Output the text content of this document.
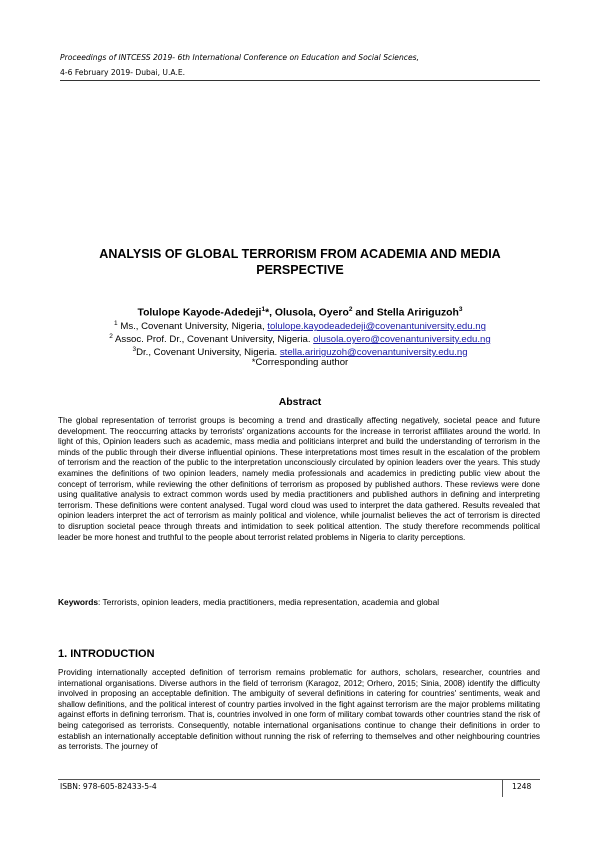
Proceedings of INTCESS 2019- 6th International Conference on Education and Social Sciences,
4-6 February 2019- Dubai, U.A.E.
ANALYSIS OF GLOBAL TERRORISM FROM ACADEMIA AND MEDIA
PERSPECTIVE
Tolulope Kayode-Adedeji$^1$*, Olusola, Oyero$^2$ and Stella Aririguzoh$^3$
$^1$ Ms., Covenant University, Nigeria, tolulope.kayodeadedeji@covenantuniversity.edu.ng
$^2$ Assoc. Prof. Dr., Covenant University, Nigeria. olusola.oyero@covenantuniversity.edu.ng
$^3$Dr., Covenant University, Nigeria. stella.aririguzoh@covenantuniversity.edu.ng
*Corresponding author
Abstract

The global representation of terrorist groups is becoming a trend and drastically affecting negatively, societal peace and future development. The reoccurring attacks by terrorists' organizations accounts for the increase in terrorist affiliates around the world. In light of this, Opinion leaders such as academic, mass media and politicians interpret and build the understanding of terrorism in the minds of the public through their diverse influential opinions. These interpretations most times result in the escalation of the problem of terrorism and the reaction of the public to the interpretation unconsciously circulated by opinion leaders over the years. This study examines the definitions of two opinion leaders, namely media professionals and academics in predicting public view about the concept of terrorism, while reviewing the other definitions of terrorism as proposed by published authors. These reviews were done using qualitative analysis to extract common words used by media practitioners and published authors in defining and interpreting terrorism. These definitions were content analysed. Tugal word cloud was used to interpret the data gathered. Results revealed that opinion leaders interpret the act of terrorism as mainly political and violence, while journalist believes the act of terrorism is directed to disruption societal peace through threats and intimidation to seek political attention. The study therefore recommends political leader be more honest and truthful to the people about terrorist related problems in Nigeria to clarity perceptions.

Keywords: Terrorists, opinion leaders, media practitioners, media representation, academia and global

1. INTRODUCTION

Providing internationally accepted definition of terrorism remains problematic for authors, scholars, researcher, countries and international organisations. Diverse authors in the field of terrorism (Karagoz, 2012; Orhero, 2015; Sinia, 2008) identify the difficulty involved in proposing an acceptable definition. The ambiguity of several definitions in catering for countries' sentiments, weak and shallow definitions, and the political interest of country parties involved in the fight against terrorism are the major problems militating against efforts in defining terrorism. That is, countries involved in one form of military combat towards other countries stand the risk of being categorised as terrorists. Consequently, notable international organisations continue to change their definitions in order to establish an internationally acceptable definition without running the risk of referring to themselves and other neighbouring countries as terrorists. The journey of

ISBN: 978-605-82433-5-4	1248
